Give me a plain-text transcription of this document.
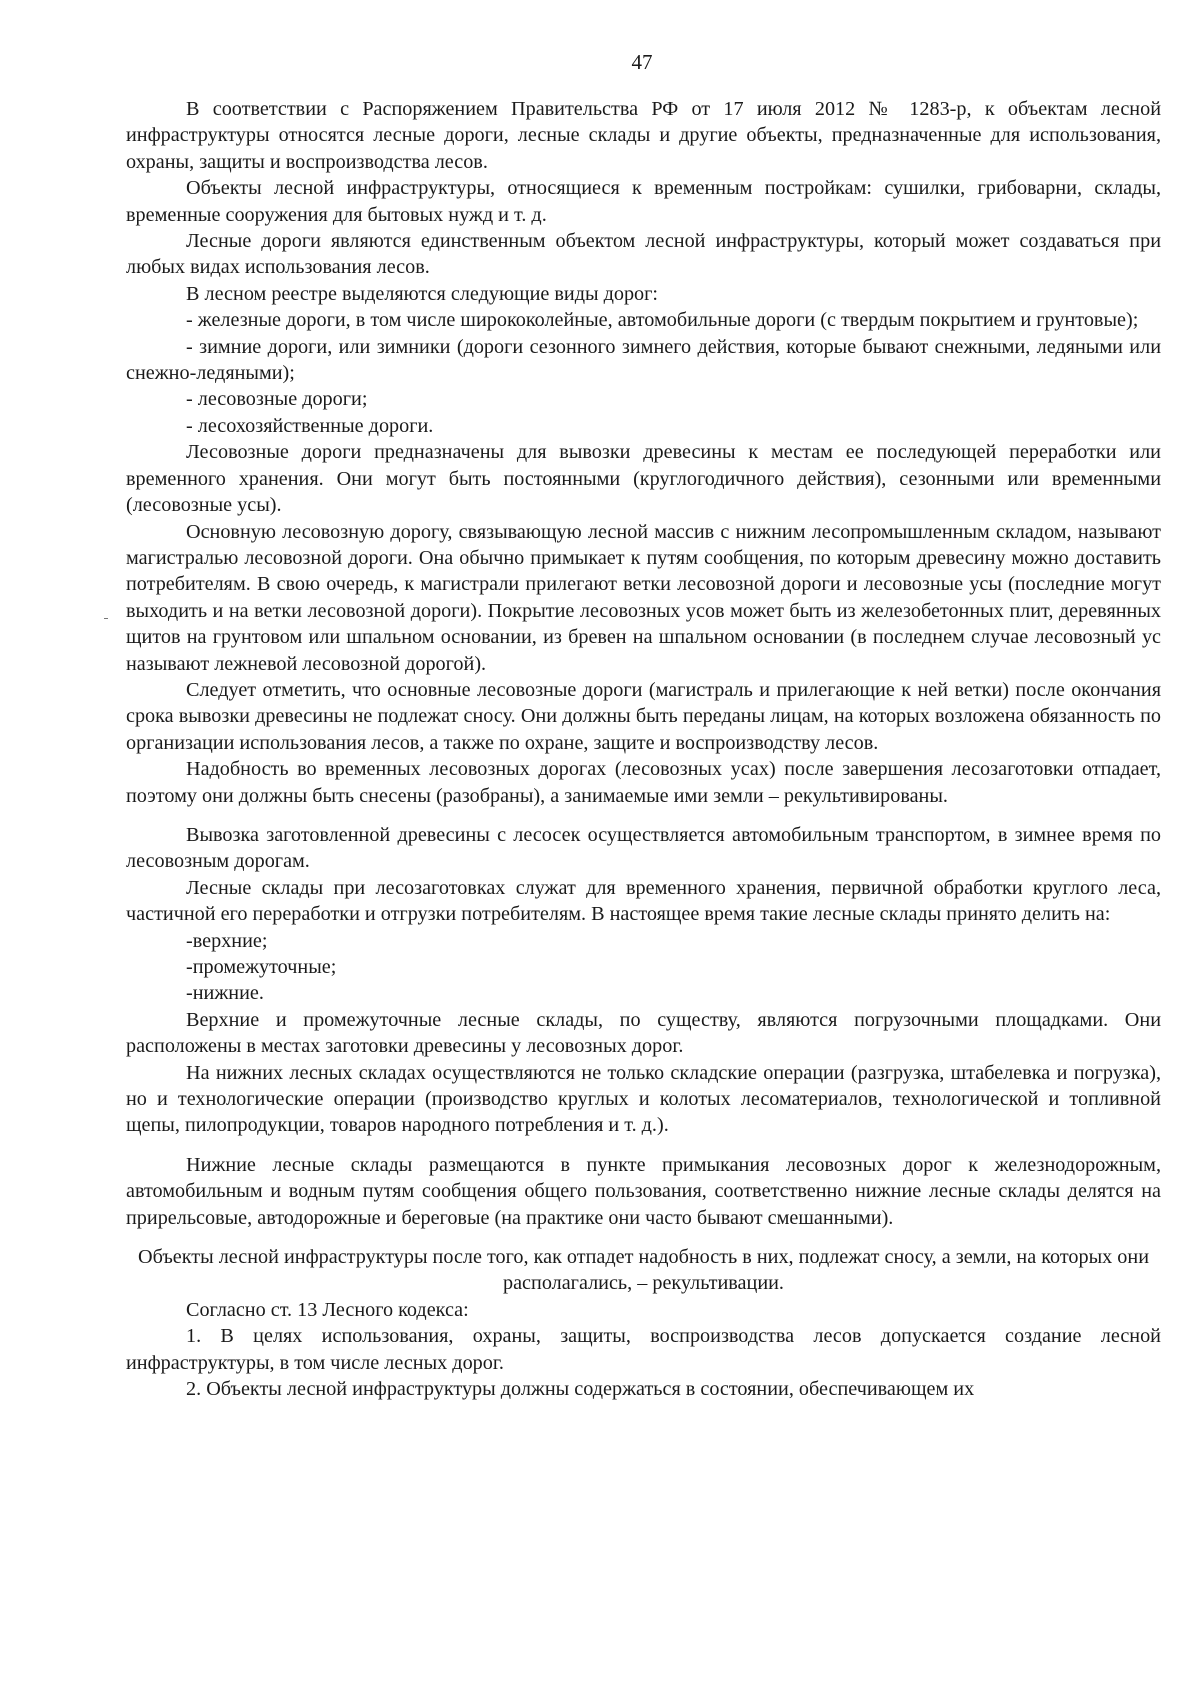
47

В соответствии с Распоряжением Правительства РФ от 17 июля 2012 № 1283-р, к объектам лесной инфраструктуры относятся лесные дороги, лесные склады и другие объекты, предназначенные для использования, охраны, защиты и воспроизводства лесов.

Объекты лесной инфраструктуры, относящиеся к временным постройкам: сушилки, грибоварни, склады, временные сооружения для бытовых нужд и т. д.

Лесные дороги являются единственным объектом лесной инфраструктуры, который может создаваться при любых видах использования лесов.

В лесном реестре выделяются следующие виды дорог:

- железные дороги, в том числе ширококолейные, автомобильные дороги (с твердым покрытием и грунтовые);

- зимние дороги, или зимники (дороги сезонного зимнего действия, которые бывают снежными, ледяными или снежно-ледяными);

- лесовозные дороги;

- лесохозяйственные дороги.

Лесовозные дороги предназначены для вывозки древесины к местам ее последующей переработки или временного хранения. Они могут быть постоянными (круглогодичного действия), сезонными или временными (лесовозные усы).

Основную лесовозную дорогу, связывающую лесной массив с нижним лесопромышленным складом, называют магистралью лесовозной дороги. Она обычно примыкает к путям сообщения, по которым древесину можно доставить потребителям. В свою очередь, к магистрали прилегают ветки лесовозной дороги и лесовозные усы (последние могут выходить и на ветки лесовозной дороги). Покрытие лесовозных усов может быть из железобетонных плит, деревянных щитов на грунтовом или шпальном основании, из бревен на шпальном основании (в последнем случае лесовозный ус называют лежневой лесовозной дорогой).

Следует отметить, что основные лесовозные дороги (магистраль и прилегающие к ней ветки) после окончания срока вывозки древесины не подлежат сносу. Они должны быть переданы лицам, на которых возложена обязанность по организации использования лесов, а также по охране, защите и воспроизводству лесов.

Надобность во временных лесовозных дорогах (лесовозных усах) после завершения лесозаготовки отпадает, поэтому они должны быть снесены (разобраны), а занимаемые ими земли – рекультивированы.

Вывозка заготовленной древесины с лесосек осуществляется автомобильным транспортом, в зимнее время по лесовозным дорогам.

Лесные склады при лесозаготовках служат для временного хранения, первичной обработки круглого леса, частичной его переработки и отгрузки потребителям. В настоящее время такие лесные склады принято делить на:

-верхние;

-промежуточные;

-нижние.

Верхние и промежуточные лесные склады, по существу, являются погрузочными площадками. Они расположены в местах заготовки древесины у лесовозных дорог.

На нижних лесных складах осуществляются не только складские операции (разгрузка, штабелевка и погрузка), но и технологические операции (производство круглых и колотых лесоматериалов, технологической и топливной щепы, пилопродукции, товаров народного потребления и т. д.).

Нижние лесные склады размещаются в пункте примыкания лесовозных дорог к железнодорожным, автомобильным и водным путям сообщения общего пользования, соответственно нижние лесные склады делятся на прирельсовые, автодорожные и береговые (на практике они часто бывают смешанными).

Объекты лесной инфраструктуры после того, как отпадет надобность в них, подлежат сносу, а земли, на которых они располагались, – рекультивации.

Согласно ст. 13 Лесного кодекса:

1. В целях использования, охраны, защиты, воспроизводства лесов допускается создание лесной инфраструктуры, в том числе лесных дорог.

2. Объекты лесной инфраструктуры должны содержаться в состоянии, обеспечивающем их
